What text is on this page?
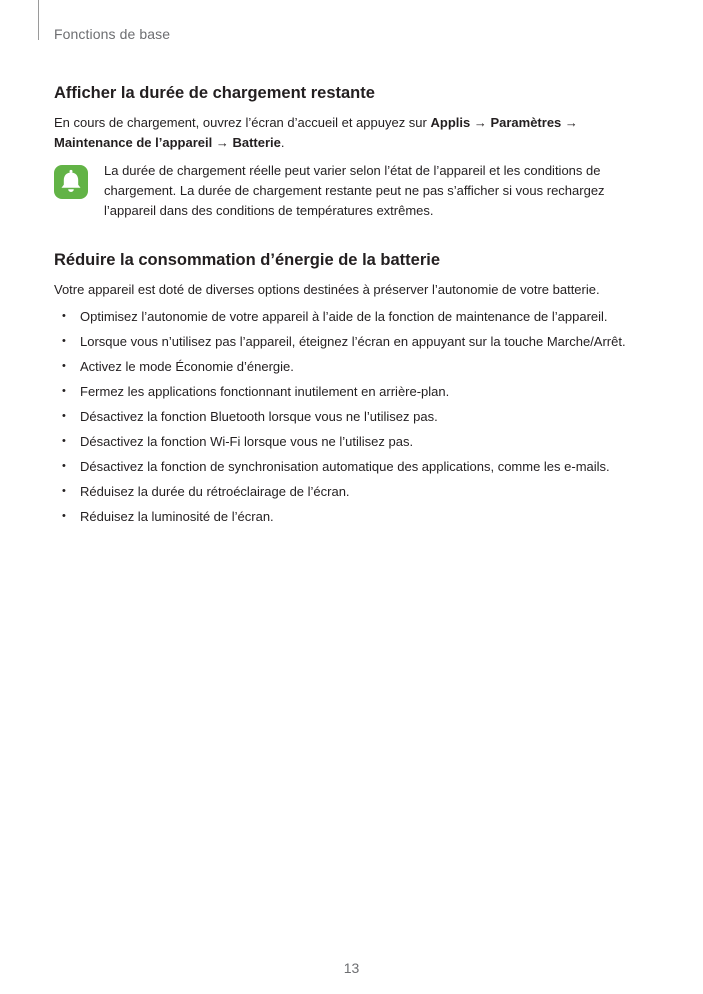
Fonctions de base
Afficher la durée de chargement restante
En cours de chargement, ouvrez l’écran d’accueil et appuyez sur Applis → Paramètres → Maintenance de l’appareil → Batterie.
La durée de chargement réelle peut varier selon l’état de l’appareil et les conditions de chargement. La durée de chargement restante peut ne pas s’afficher si vous rechargez l’appareil dans des conditions de températures extrêmes.
Réduire la consommation d’énergie de la batterie
Votre appareil est doté de diverses options destinées à préserver l’autonomie de votre batterie.
• Optimisez l’autonomie de votre appareil à l’aide de la fonction de maintenance de l’appareil.
• Lorsque vous n’utilisez pas l’appareil, éteignez l’écran en appuyant sur la touche Marche/Arrêt.
• Activez le mode Économie d’énergie.
• Fermez les applications fonctionnant inutilement en arrière-plan.
• Désactivez la fonction Bluetooth lorsque vous ne l’utilisez pas.
• Désactivez la fonction Wi-Fi lorsque vous ne l’utilisez pas.
• Désactivez la fonction de synchronisation automatique des applications, comme les e-mails.
• Réduisez la durée du rétroéclairage de l’écran.
• Réduisez la luminosité de l’écran.
13
